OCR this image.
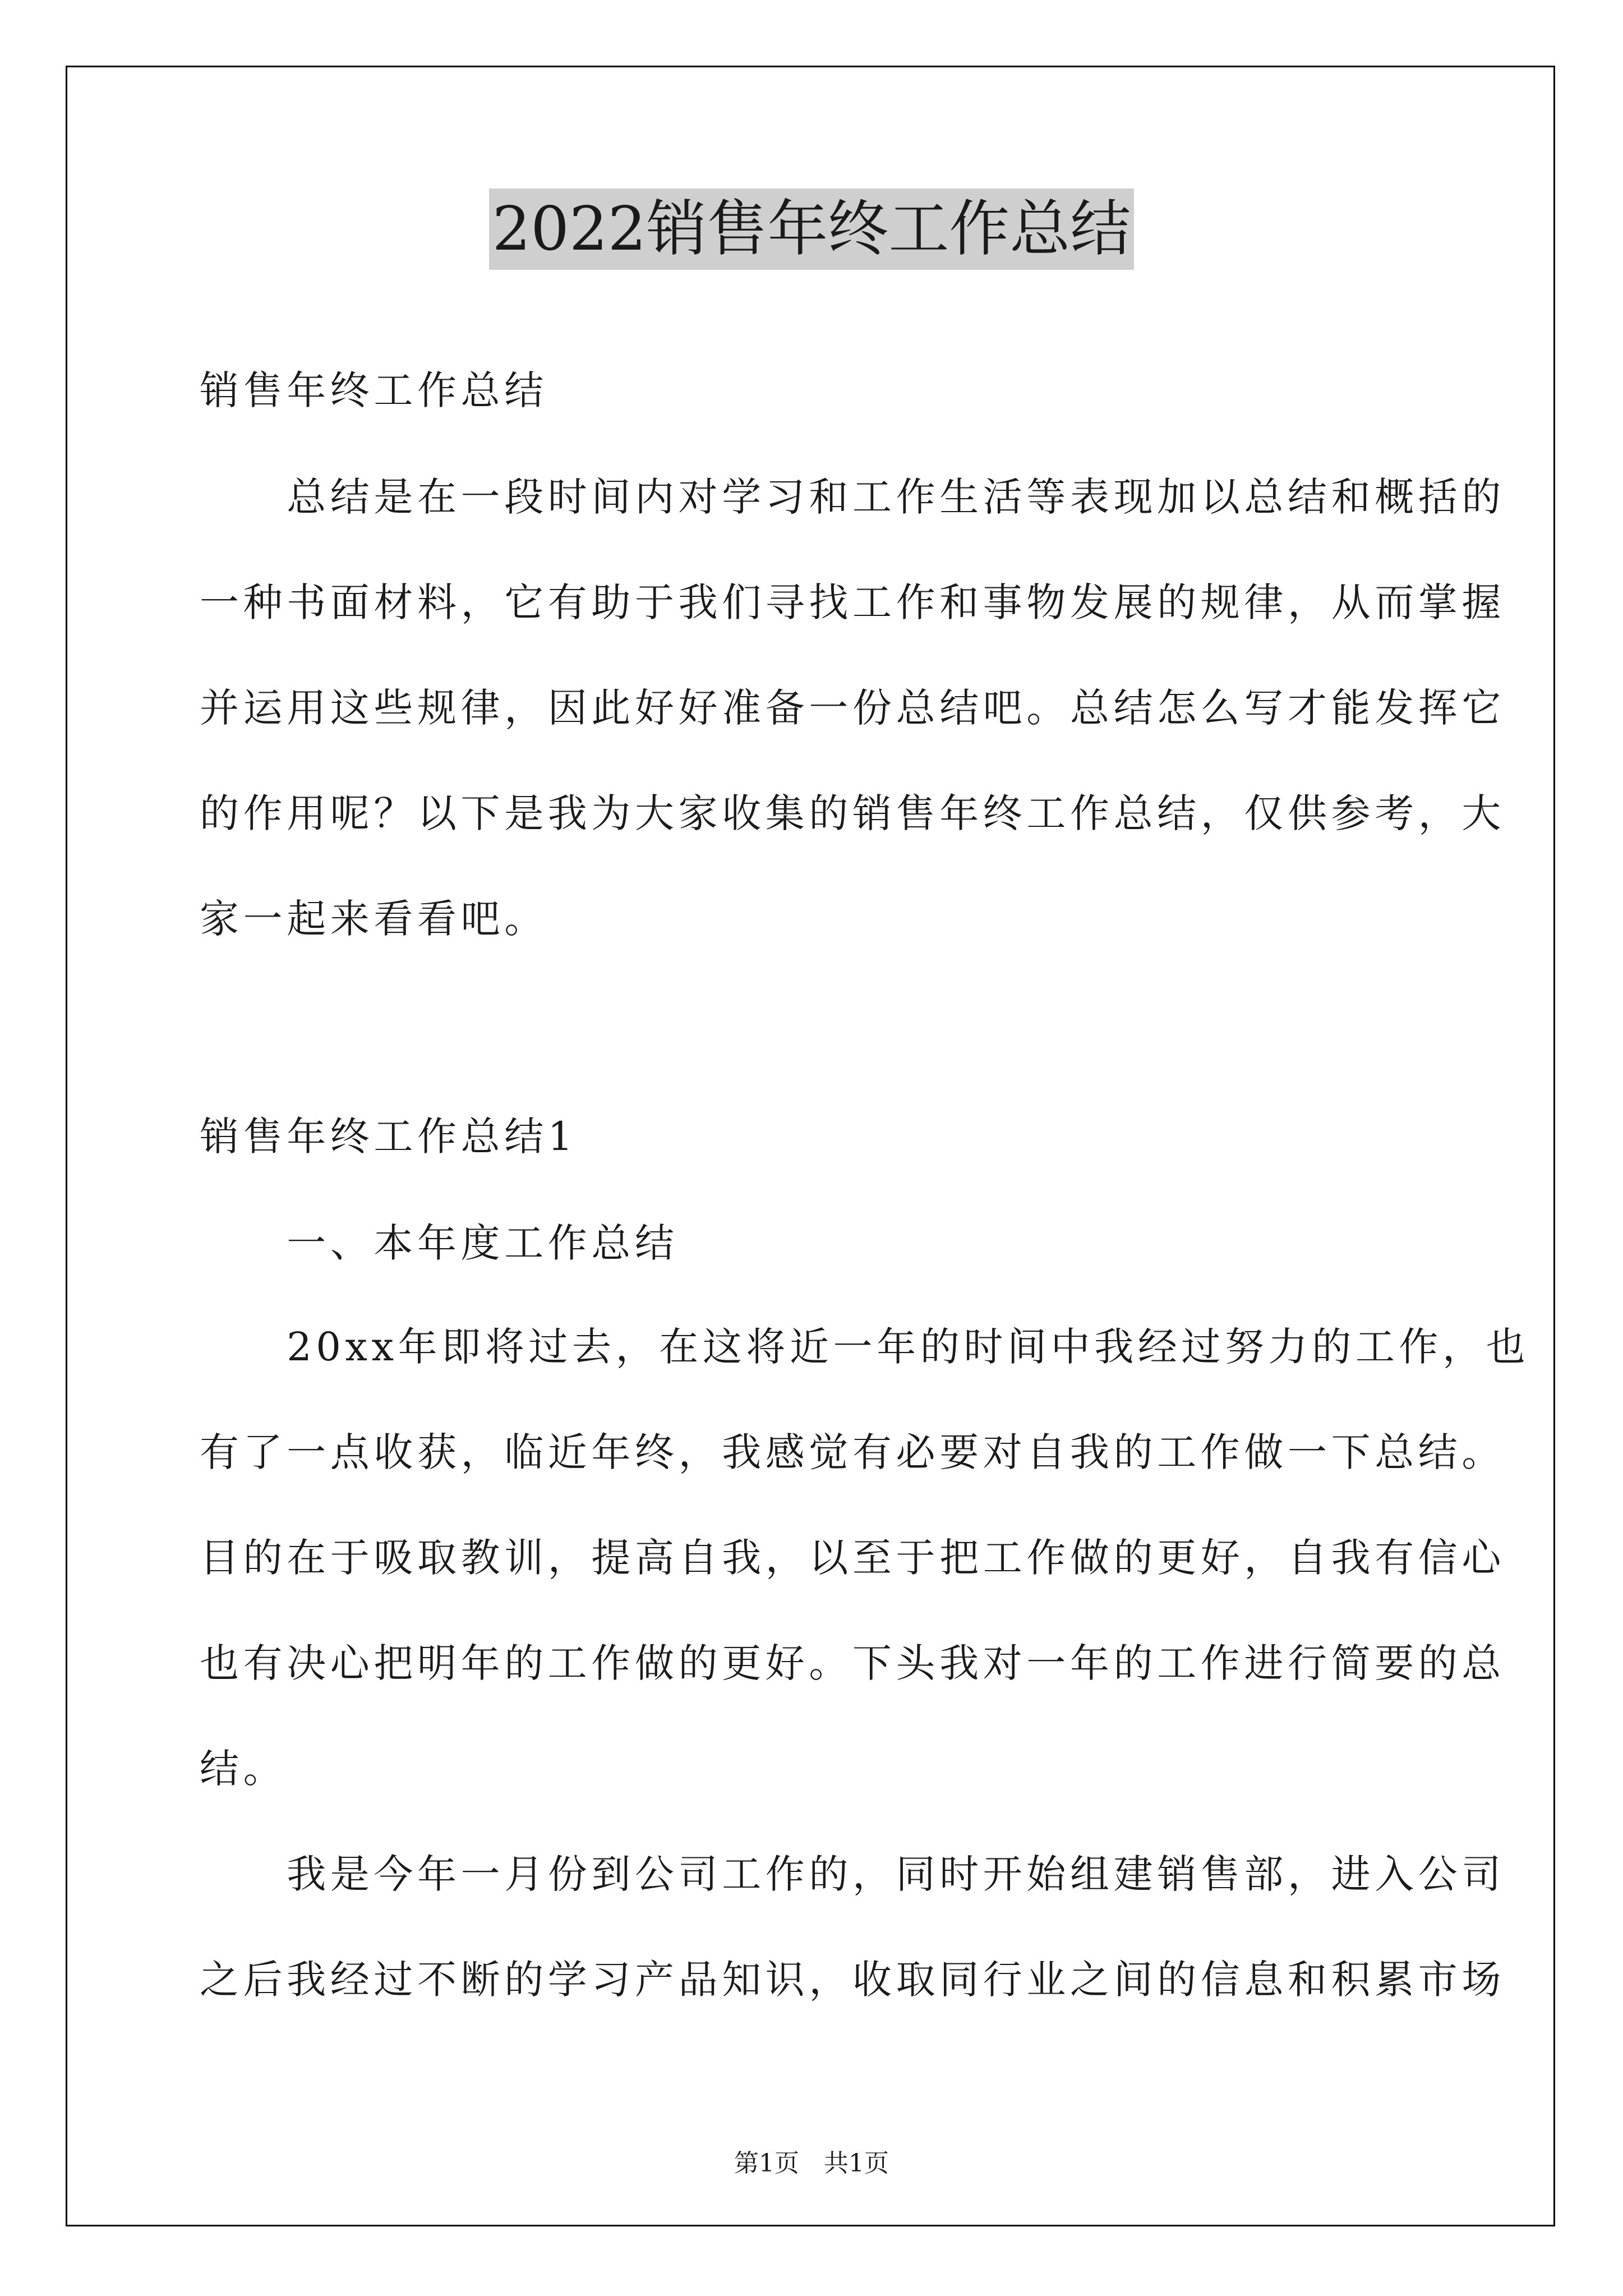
2022销售年终工作总结
销售年终工作总结
　　总结是在一段时间内对学习和工作生活等表现加以总结和概括的
一种书面材料，它有助于我们寻找工作和事物发展的规律，从而掌握
并运用这些规律，因此好好准备一份总结吧。总结怎么写才能发挥它
的作用呢？以下是我为大家收集的销售年终工作总结，仅供参考，大
家一起来看看吧。
销售年终工作总结1
　　一、本年度工作总结
　　20xx年即将过去，在这将近一年的时间中我经过努力的工作，也
有了一点收获，临近年终，我感觉有必要对自我的工作做一下总结。
目的在于吸取教训，提高自我，以至于把工作做的更好，自我有信心
也有决心把明年的工作做的更好。下头我对一年的工作进行简要的总
结。
　　我是今年一月份到公司工作的，同时开始组建销售部，进入公司
之后我经过不断的学习产品知识，收取同行业之间的信息和积累市场
第1页　共1页
